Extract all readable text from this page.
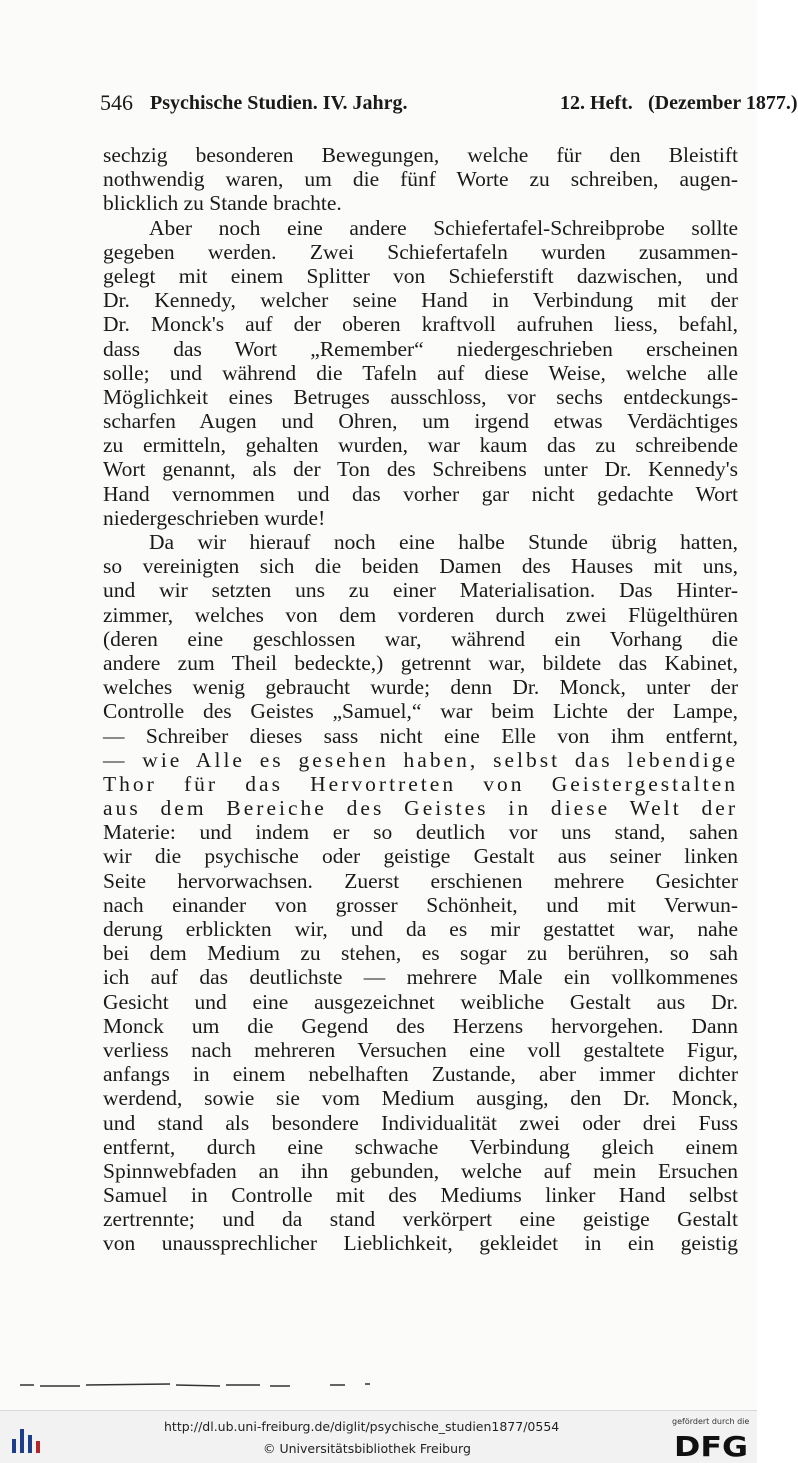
546 Psychische Studien. IV. Jahrg.	12. Heft. (Dezember 1877.)
sechzig besonderen Bewegungen, welche für den Bleistift
nothwendig waren, um die fünf Worte zu schreiben, augen-
blicklich zu Stande brachte.
Aber noch eine andere Schiefertafel-Schreibprobe sollte
gegeben werden. Zwei Schiefertafeln wurden zusammen-
gelegt mit einem Splitter von Schieferstift dazwischen, und
Dr. Kennedy, welcher seine Hand in Verbindung mit der
Dr. Monck's auf der oberen kraftvoll aufruhen liess, befahl,
dass das Wort „Remember“ niedergeschrieben erscheinen
solle; und während die Tafeln auf diese Weise, welche alle
Möglichkeit eines Betruges ausschloss, vor sechs entdeckungs-
scharfen Augen und Ohren, um irgend etwas Verdächtiges
zu ermitteln, gehalten wurden, war kaum das zu schreibende
Wort genannt, als der Ton des Schreibens unter Dr. Kennedy's
Hand vernommen und das vorher gar nicht gedachte Wort
niedergeschrieben wurde!
Da wir hierauf noch eine halbe Stunde übrig hatten,
so vereinigten sich die beiden Damen des Hauses mit uns,
und wir setzten uns zu einer Materialisation. Das Hinter-
zimmer, welches von dem vorderen durch zwei Flügelthüren
(deren eine geschlossen war, während ein Vorhang die
andere zum Theil bedeckte,) getrennt war, bildete das Kabinet,
welches wenig gebraucht wurde; denn Dr. Monck, unter der
Controlle des Geistes „Samuel,“ war beim Lichte der Lampe,
— Schreiber dieses sass nicht eine Elle von ihm entfernt,
— wie Alle es gesehen haben, selbst das lebendige
Thor für das Hervortreten von Geistergestalten
aus dem Bereiche des Geistes in diese Welt der
Materie: und indem er so deutlich vor uns stand, sahen
wir die psychische oder geistige Gestalt aus seiner linken
Seite hervorwachsen. Zuerst erschienen mehrere Gesichter
nach einander von grosser Schönheit, und mit Verwun-
derung erblickten wir, und da es mir gestattet war, nahe
bei dem Medium zu stehen, es sogar zu berühren, so sah
ich auf das deutlichste — mehrere Male ein vollkommenes
Gesicht und eine ausgezeichnet weibliche Gestalt aus Dr.
Monck um die Gegend des Herzens hervorgehen. Dann
verliess nach mehreren Versuchen eine voll gestaltete Figur,
anfangs in einem nebelhaften Zustande, aber immer dichter
werdend, sowie sie vom Medium ausging, den Dr. Monck,
und stand als besondere Individualität zwei oder drei Fuss
entfernt, durch eine schwache Verbindung gleich einem
Spinnwebfaden an ihn gebunden, welche auf mein Ersuchen
Samuel in Controlle mit des Mediums linker Hand selbst
zertrennte; und da stand verkörpert eine geistige Gestalt
von unaussprechlicher Lieblichkeit, gekleidet in ein geistig
http://dl.ub.uni-freiburg.de/diglit/psychische_studien1877/0554
© Universitätsbibliothek Freiburg
gefördert durch die
DFG
